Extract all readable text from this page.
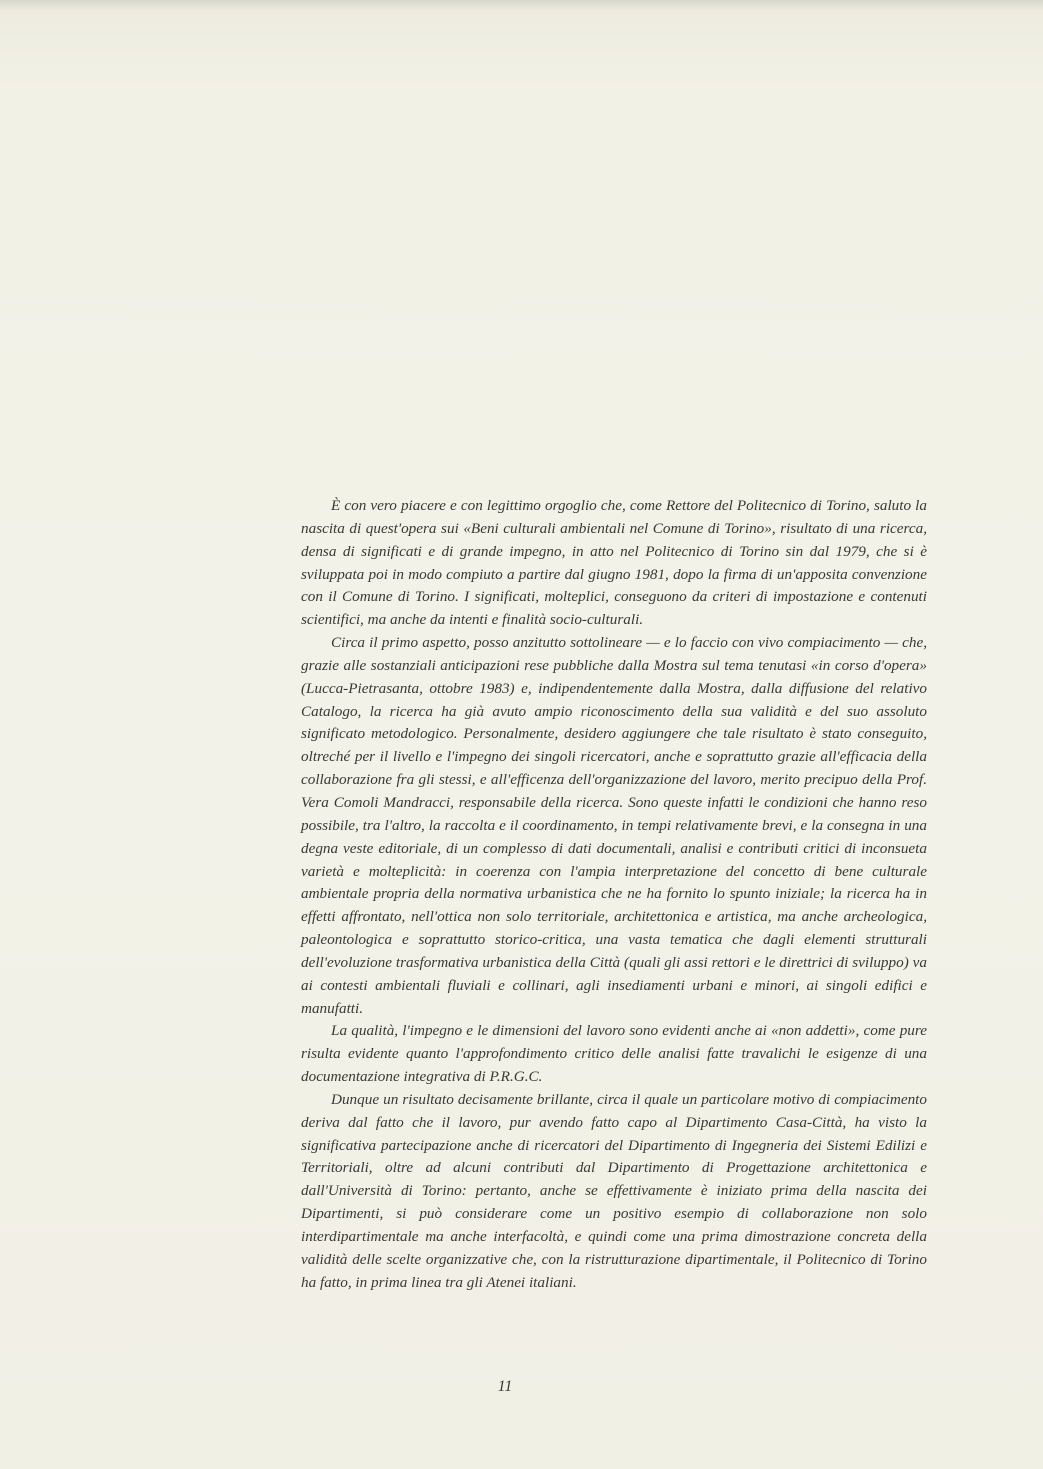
È con vero piacere e con legittimo orgoglio che, come Rettore del Politecnico di Torino, saluto la nascita di quest'opera sui «Beni culturali ambientali nel Comune di Torino», risultato di una ricerca, densa di significati e di grande impegno, in atto nel Politecnico di Torino sin dal 1979, che si è sviluppata poi in modo compiuto a partire dal giugno 1981, dopo la firma di un'apposita convenzione con il Comune di Torino. I significati, molteplici, conseguono da criteri di impostazione e contenuti scientifici, ma anche da intenti e finalità socio-culturali.

Circa il primo aspetto, posso anzitutto sottolineare — e lo faccio con vivo compiacimento — che, grazie alle sostanziali anticipazioni rese pubbliche dalla Mostra sul tema tenutasi «in corso d'opera» (Lucca-Pietrasanta, ottobre 1983) e, indipendentemente dalla Mostra, dalla diffusione del relativo Catalogo, la ricerca ha già avuto ampio riconoscimento della sua validità e del suo assoluto significato metodologico. Personalmente, desidero aggiungere che tale risultato è stato conseguito, oltreché per il livello e l'impegno dei singoli ricercatori, anche e soprattutto grazie all'efficacia della collaborazione fra gli stessi, e all'efficenza dell'organizzazione del lavoro, merito precipuo della Prof. Vera Comoli Mandracci, responsabile della ricerca. Sono queste infatti le condizioni che hanno reso possibile, tra l'altro, la raccolta e il coordinamento, in tempi relativamente brevi, e la consegna in una degna veste editoriale, di un complesso di dati documentali, analisi e contributi critici di inconsueta varietà e molteplicità: in coerenza con l'ampia interpretazione del concetto di bene culturale ambientale propria della normativa urbanistica che ne ha fornito lo spunto iniziale; la ricerca ha in effetti affrontato, nell'ottica non solo territoriale, architettonica e artistica, ma anche archeologica, paleontologica e soprattutto storico-critica, una vasta tematica che dagli elementi strutturali dell'evoluzione trasformativa urbanistica della Città (quali gli assi rettori e le direttrici di sviluppo) va ai contesti ambientali fluviali e collinari, agli insediamenti urbani e minori, ai singoli edifici e manufatti.

La qualità, l'impegno e le dimensioni del lavoro sono evidenti anche ai «non addetti», come pure risulta evidente quanto l'approfondimento critico delle analisi fatte travalichi le esigenze di una documentazione integrativa di P.R.G.C.

Dunque un risultato decisamente brillante, circa il quale un particolare motivo di compiacimento deriva dal fatto che il lavoro, pur avendo fatto capo al Dipartimento Casa-Città, ha visto la significativa partecipazione anche di ricercatori del Dipartimento di Ingegneria dei Sistemi Edilizi e Territoriali, oltre ad alcuni contributi dal Dipartimento di Progettazione architettonica e dall'Università di Torino: pertanto, anche se effettivamente è iniziato prima della nascita dei Dipartimenti, si può considerare come un positivo esempio di collaborazione non solo interdipartimentale ma anche interfacoltà, e quindi come una prima dimostrazione concreta della validità delle scelte organizzative che, con la ristrutturazione dipartimentale, il Politecnico di Torino ha fatto, in prima linea tra gli Atenei italiani.

11
